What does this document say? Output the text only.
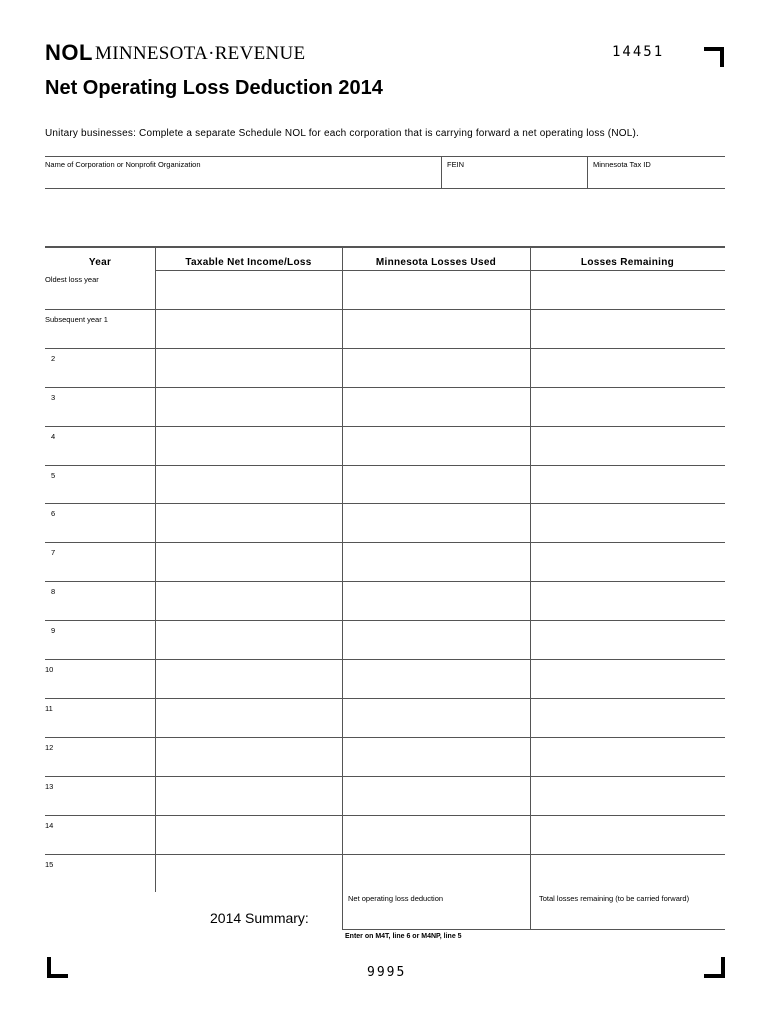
NOL MINNESOTA·REVENUE	14451
Net Operating Loss Deduction 2014
Unitary businesses: Complete a separate Schedule NOL for each corporation that is carrying forward a net operating loss (NOL).
Name of Corporation or Nonprofit Organization	FEIN	Minnesota Tax ID
Year	Taxable Net Income/Loss	Minnesota Losses Used	Losses Remaining
Oldest loss year
Subsequent year 1
2
3
4
5
6
7
8
9
10
11
12
13
14
15
Net operating loss deduction	Total losses remaining (to be carried forward)
2014 Summary:
Enter on M4T, line 6 or M4NP, line 5
9995
